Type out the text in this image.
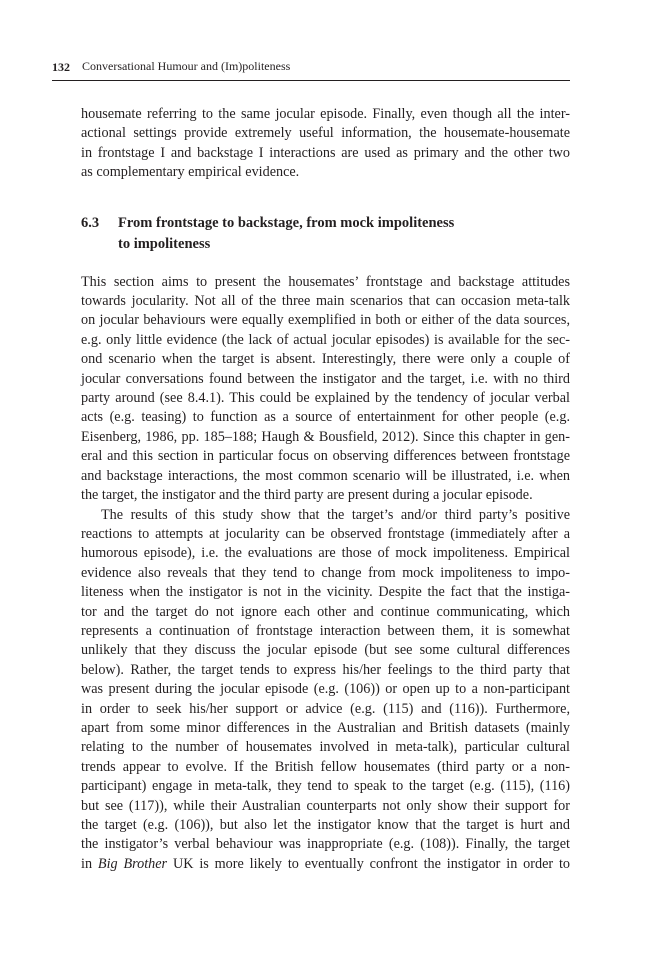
132 Conversational Humour and (Im)politeness

housemate referring to the same jocular episode. Finally, even though all the inter-
actional settings provide extremely useful information, the housemate-housemate
in frontstage I and backstage I interactions are used as primary and the other two
as complementary empirical evidence.

6.3 From frontstage to backstage, from mock impoliteness
to impoliteness

This section aims to present the housemates’ frontstage and backstage attitudes
towards jocularity. Not all of the three main scenarios that can occasion meta-talk
on jocular behaviours were equally exemplified in both or either of the data sources,
e.g. only little evidence (the lack of actual jocular episodes) is available for the sec-
ond scenario when the target is absent. Interestingly, there were only a couple of
jocular conversations found between the instigator and the target, i.e. with no third
party around (see 8.4.1). This could be explained by the tendency of jocular verbal
acts (e.g. teasing) to function as a source of entertainment for other people (e.g.
Eisenberg, 1986, pp. 185–188; Haugh & Bousfield, 2012). Since this chapter in gen-
eral and this section in particular focus on observing differences between frontstage
and backstage interactions, the most common scenario will be illustrated, i.e. when
the target, the instigator and the third party are present during a jocular episode.

The results of this study show that the target’s and/or third party’s positive
reactions to attempts at jocularity can be observed frontstage (immediately after a
humorous episode), i.e. the evaluations are those of mock impoliteness. Empirical
evidence also reveals that they tend to change from mock impoliteness to impo-
liteness when the instigator is not in the vicinity. Despite the fact that the instiga-
tor and the target do not ignore each other and continue communicating, which
represents a continuation of frontstage interaction between them, it is somewhat
unlikely that they discuss the jocular episode (but see some cultural differences
below). Rather, the target tends to express his/her feelings to the third party that
was present during the jocular episode (e.g. (106)) or open up to a non-participant
in order to seek his/her support or advice (e.g. (115) and (116)). Furthermore,
apart from some minor differences in the Australian and British datasets (mainly
relating to the number of housemates involved in meta-talk), particular cultural
trends appear to evolve. If the British fellow housemates (third party or a non-
participant) engage in meta-talk, they tend to speak to the target (e.g. (115), (116)
but see (117)), while their Australian counterparts not only show their support for
the target (e.g. (106)), but also let the instigator know that the target is hurt and
the instigator’s verbal behaviour was inappropriate (e.g. (108)). Finally, the target
in Big Brother UK is more likely to eventually confront the instigator in order to
